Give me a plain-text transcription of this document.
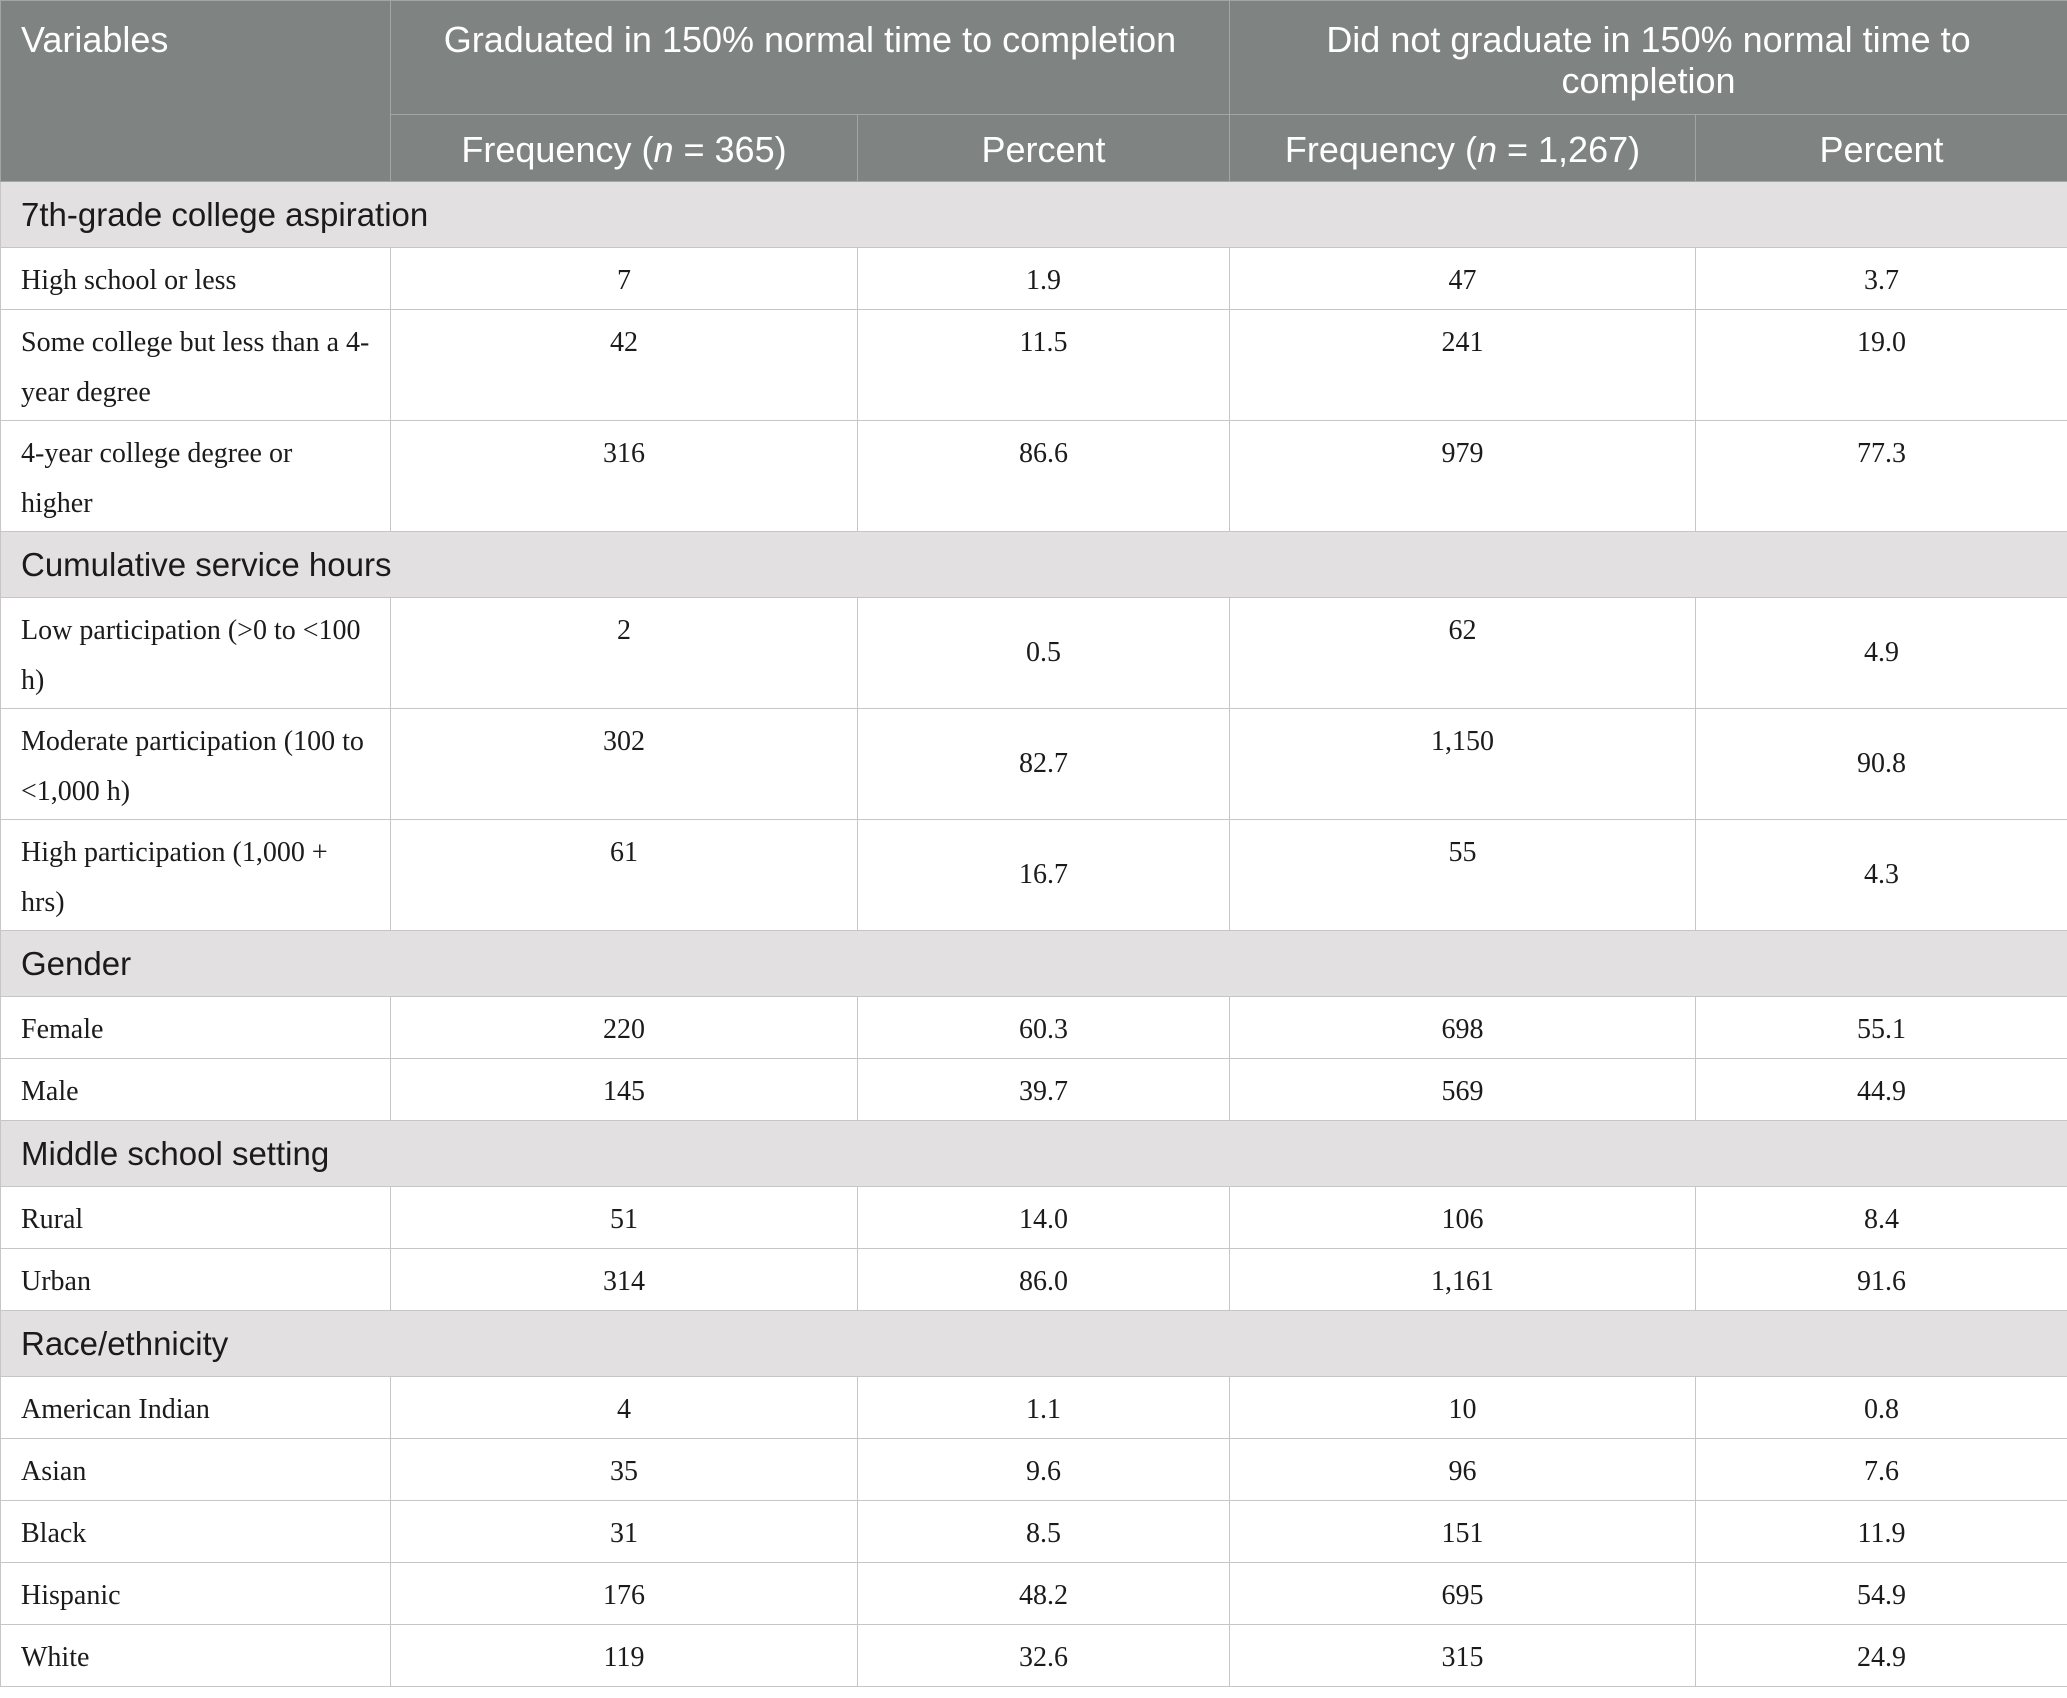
Variables	Graduated in 150% normal time to completion		Did not graduate in 150% normal time to completion	
	Frequency (n = 365)	Percent	Frequency (n = 1,267)	Percent
7th-grade college aspiration				
High school or less	7	1.9	47	3.7
Some college but less than a 4-year degree	42	11.5	241	19.0
4-year college degree or higher	316	86.6	979	77.3
Cumulative service hours				
Low participation (>0 to <100 h)	2	0.5	62	4.9
Moderate participation (100 to <1,000 h)	302	82.7	1,150	90.8
High participation (1,000 + hrs)	61	16.7	55	4.3
Gender				
Female	220	60.3	698	55.1
Male	145	39.7	569	44.9
Middle school setting				
Rural	51	14.0	106	8.4
Urban	314	86.0	1,161	91.6
Race/ethnicity				
American Indian	4	1.1	10	0.8
Asian	35	9.6	96	7.6
Black	31	8.5	151	11.9
Hispanic	176	48.2	695	54.9
White	119	32.6	315	24.9
